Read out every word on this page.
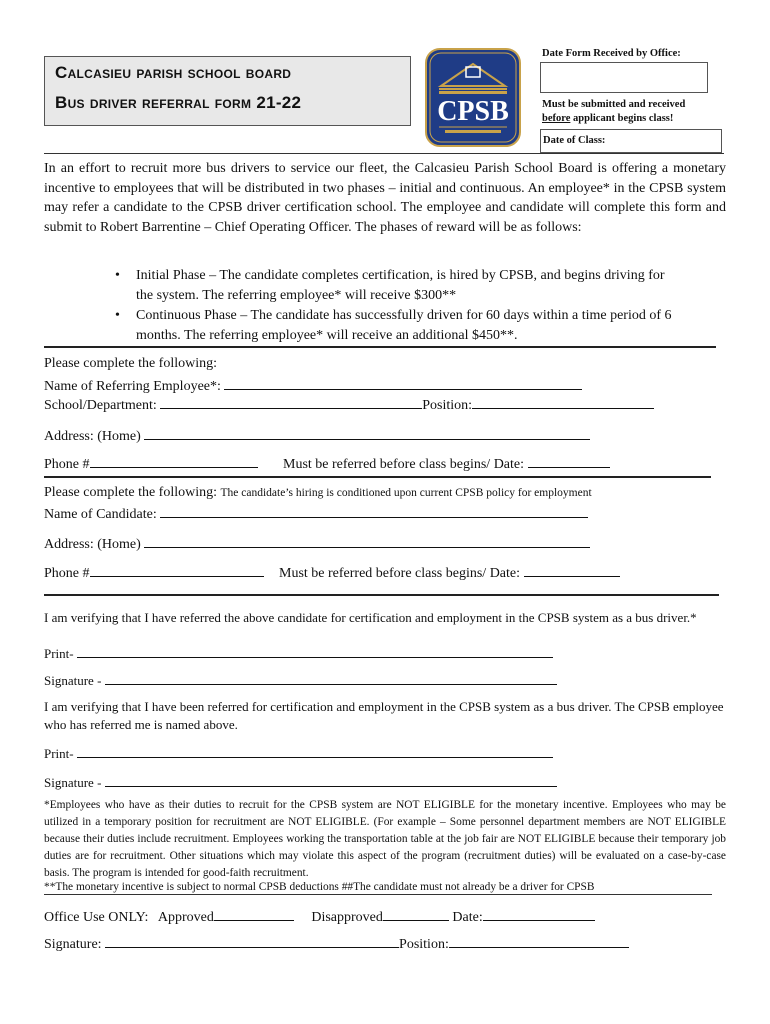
Calcasieu parish school board
Bus driver referral form 21-22	CPSB
Date Form Received by Office:
Must be submitted and received
before applicant begins class!
Date of Class:
In an effort to recruit more bus drivers to service our fleet, the Calcasieu Parish School Board is offering a monetary incentive to employees that will be distributed in two phases – initial and continuous. An employee* in the CPSB system may refer a candidate to the CPSB driver certification school. The employee and candidate will complete this form and submit to Robert Barrentine – Chief Operating Officer. The phases of reward will be as follows:
• Initial Phase – The candidate completes certification, is hired by CPSB, and begins driving for
the system. The referring employee* will receive $300**
• Continuous Phase – The candidate has successfully driven for 60 days within a time period of 6
months. The referring employee* will receive an additional $450**.
Please complete the following:
Name of Referring Employee*:
School/Department:	Position:
Address: (Home)
Phone #	Must be referred before class begins/ Date:
Please complete the following: The candidate’s hiring is conditioned upon current CPSB policy for employment
Name of Candidate:
Address: (Home)
Phone #	Must be referred before class begins/ Date:
I am verifying that I have referred the above candidate for certification and employment in the CPSB system as a bus driver.*
Print-
Signature -
I am verifying that I have been referred for certification and employment in the CPSB system as a bus driver. The CPSB employee who has referred me is named above.
Print-
Signature -
*Employees who have as their duties to recruit for the CPSB system are NOT ELIGIBLE for the monetary incentive. Employees who may be utilized in a temporary position for recruitment are NOT ELIGIBLE. (For example – Some personnel department members are NOT ELIGIBLE because their duties include recruitment. Employees working the transportation table at the job fair are NOT ELIGIBLE because their temporary job duties are for recruitment. Other situations which may violate this aspect of the program (recruitment duties) will be evaluated on a case-by-case basis. The program is intended for good-faith recruitment.
**The monetary incentive is subject to normal CPSB deductions ##The candidate must not already be a driver for CPSB
Office Use ONLY: Approved	Disapproved	Date:
Signature:	Position:
